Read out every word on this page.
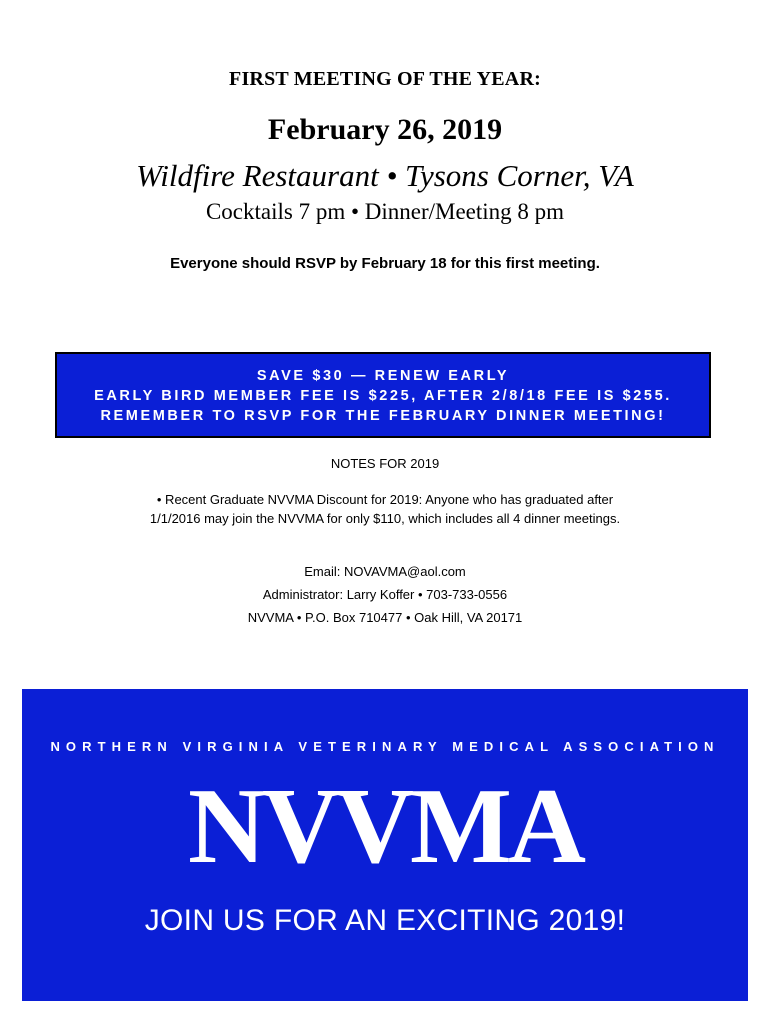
FIRST MEETING OF THE YEAR:
February 26, 2019
Wildfire Restaurant • Tysons Corner, VA
Cocktails 7 pm • Dinner/Meeting 8 pm
Everyone should RSVP by February 18 for this first meeting.
SAVE $30 — RENEW EARLY
EARLY BIRD MEMBER FEE IS $225, AFTER 2/8/18 FEE IS $255.
REMEMBER TO RSVP FOR THE FEBRUARY DINNER MEETING!
NOTES FOR 2019
• Recent Graduate NVVMA Discount for 2019: Anyone who has graduated after
1/1/2016 may join the NVVMA for only $110, which includes all 4 dinner meetings.
Email: NOVAVMA@aol.com
Administrator: Larry Koffer • 703-733-0556
NVVMA • P.O. Box 710477 • Oak Hill, VA 20171
NORTHERN VIRGINIA VETERINARY MEDICAL ASSOCIATION
NVVMA
JOIN US FOR AN EXCITING 2019!
